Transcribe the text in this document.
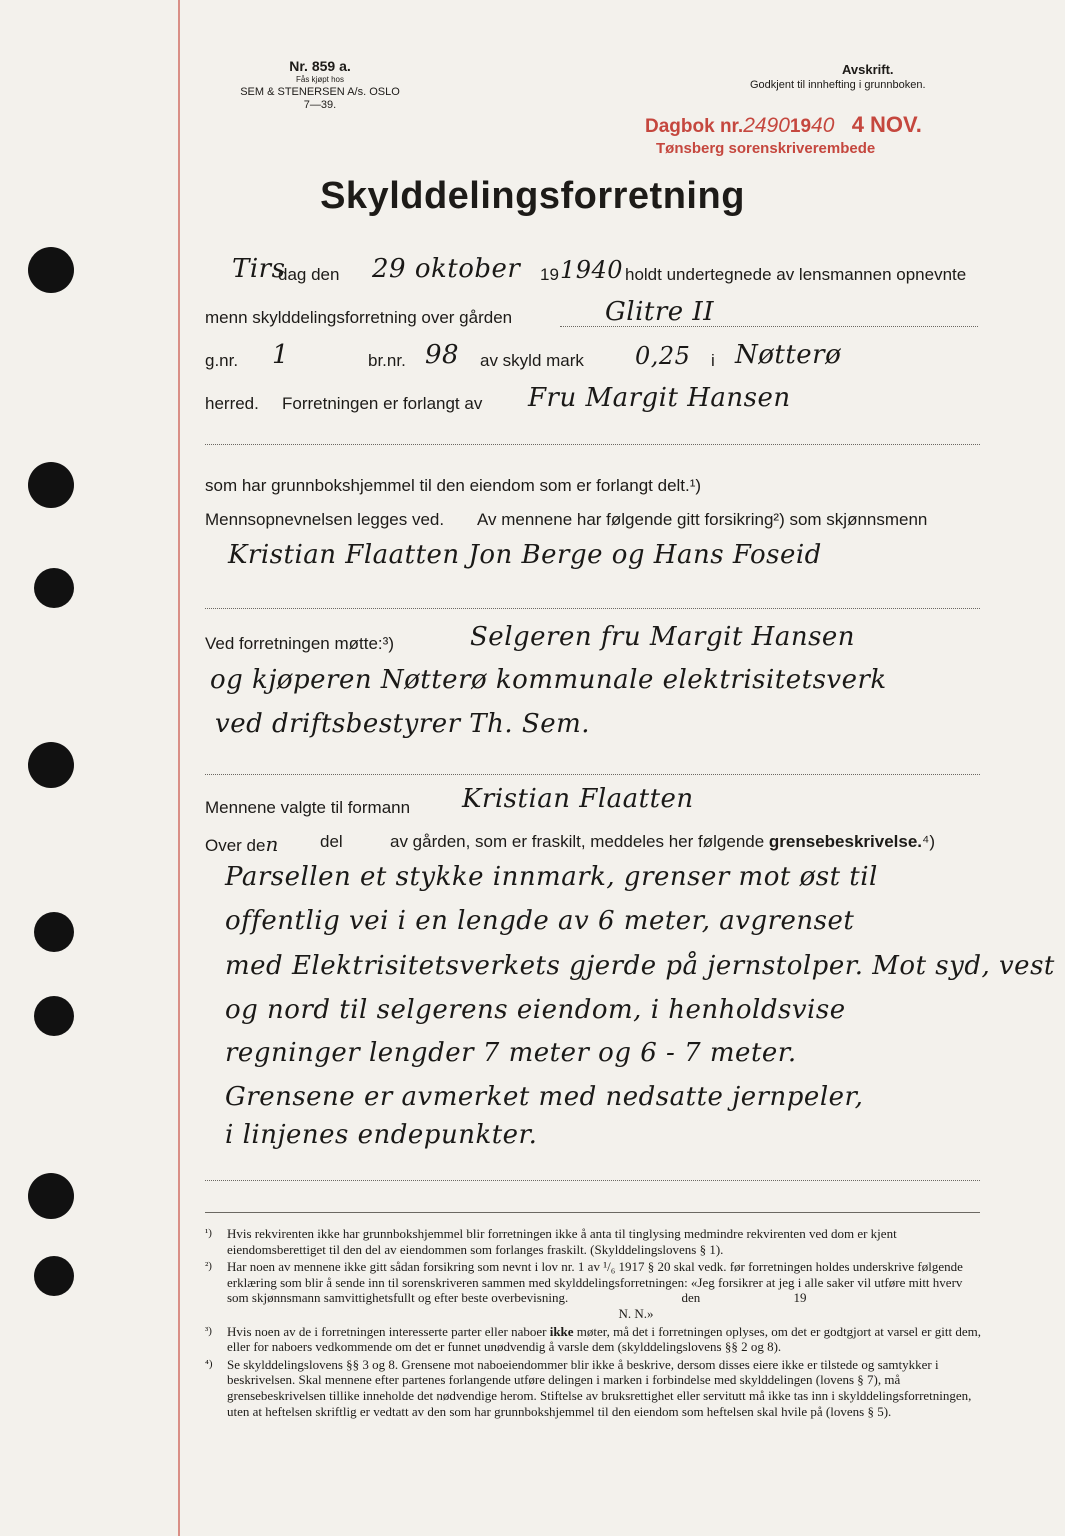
Nr. 859 a.
Fås kjøpt hos
SEM & STENERSEN A/s. OSLO
7—39.
Avskrift.
Godkjent til innhefting i grunnboken.
Dagbok nr.24901940 4 NOV.
Tønsberg sorenskriverembede
Skylddelingsforretning
Tirs
dag den 29 oktober 19 1940 holdt undertegnede av lensmannen opnevnte
menn skylddelingsforretning over gården	Glitre II
g.nr. 1	br.nr. 98 av skyld mark 0,25 i Nøtterø
herred. Forretningen er forlangt av Fru Margit Hansen
som har grunnbokshjemmel til den eiendom som er forlangt delt.¹)
Mennsopnevnelsen legges ved. Av mennene har følgende gitt forsikring²) som skjønnsmenn
Kristian Flaatten Jon Berge og Hans Foseid
Ved forretningen møtte:³)	Selgeren fru Margit Hansen
og kjøperen Nøtterø kommunale elektrisitetsverk
ved driftsbestyrer Th. Sem.
Mennene valgte til formann Kristian Flaatten
Over den del	av gården, som er fraskilt, meddeles her følgende grensebeskrivelse.⁴)
Parsellen et stykke innmark, grenser mot øst til
offentlig vei i en lengde av 6 meter, avgrenset
med Elektrisitetsverkets gjerde på jernstolper. Mot syd, vest
og nord til selgerens eiendom, i henholdsvise
regninger lengder 7 meter og 6 - 7 meter.
Grensene er avmerket med nedsatte jernpeler,
i linjenes endepunkter.
¹) Hvis rekvirenten ikke har grunnbokshjemmel blir forretningen ikke å anta til tinglysing medmindre rekvirenten ved dom er kjent eiendomsberettiget til den del av eiendommen som forlanges fraskilt. (Skylddelingslovens § 1).
²) Har noen av mennene ikke gitt sådan forsikring som nevnt i lov nr. 1 av ¹/₆ 1917 § 20 skal vedk. før forretningen holdes underskrive følgende erklæring som blir å sende inn til sorenskriveren sammen med skylddelingsforretningen: «Jeg forsikrer at jeg i alle saker vil utføre mitt hverv som skjønnsmann samvittighetsfullt og efter beste overbevisning.	den	19
N. N.»
³) Hvis noen av de i forretningen interesserte parter eller naboer ikke møter, må det i forretningen oplyses, om det er godtgjort at varsel er gitt dem, eller for naboers vedkommende om det er funnet unødvendig å varsle dem (skylddelingslovens §§ 2 og 8).
⁴) Se skylddelingslovens §§ 3 og 8. Grensene mot naboeiendommer blir ikke å beskrive, dersom disses eiere ikke er tilstede og samtykker i beskrivelsen. Skal mennene efter partenes forlangende utføre delingen i marken i forbindelse med skylddelingen (lovens § 7), må grensebeskrivelsen tillike inneholde det nødvendige herom. Stiftelse av bruksrettighet eller servitutt må ikke tas inn i skylddelingsforretningen, uten at heftelsen skriftlig er vedtatt av den som har grunnbokshjemmel til den eiendom som heftelsen skal hvile på (lovens § 5).
